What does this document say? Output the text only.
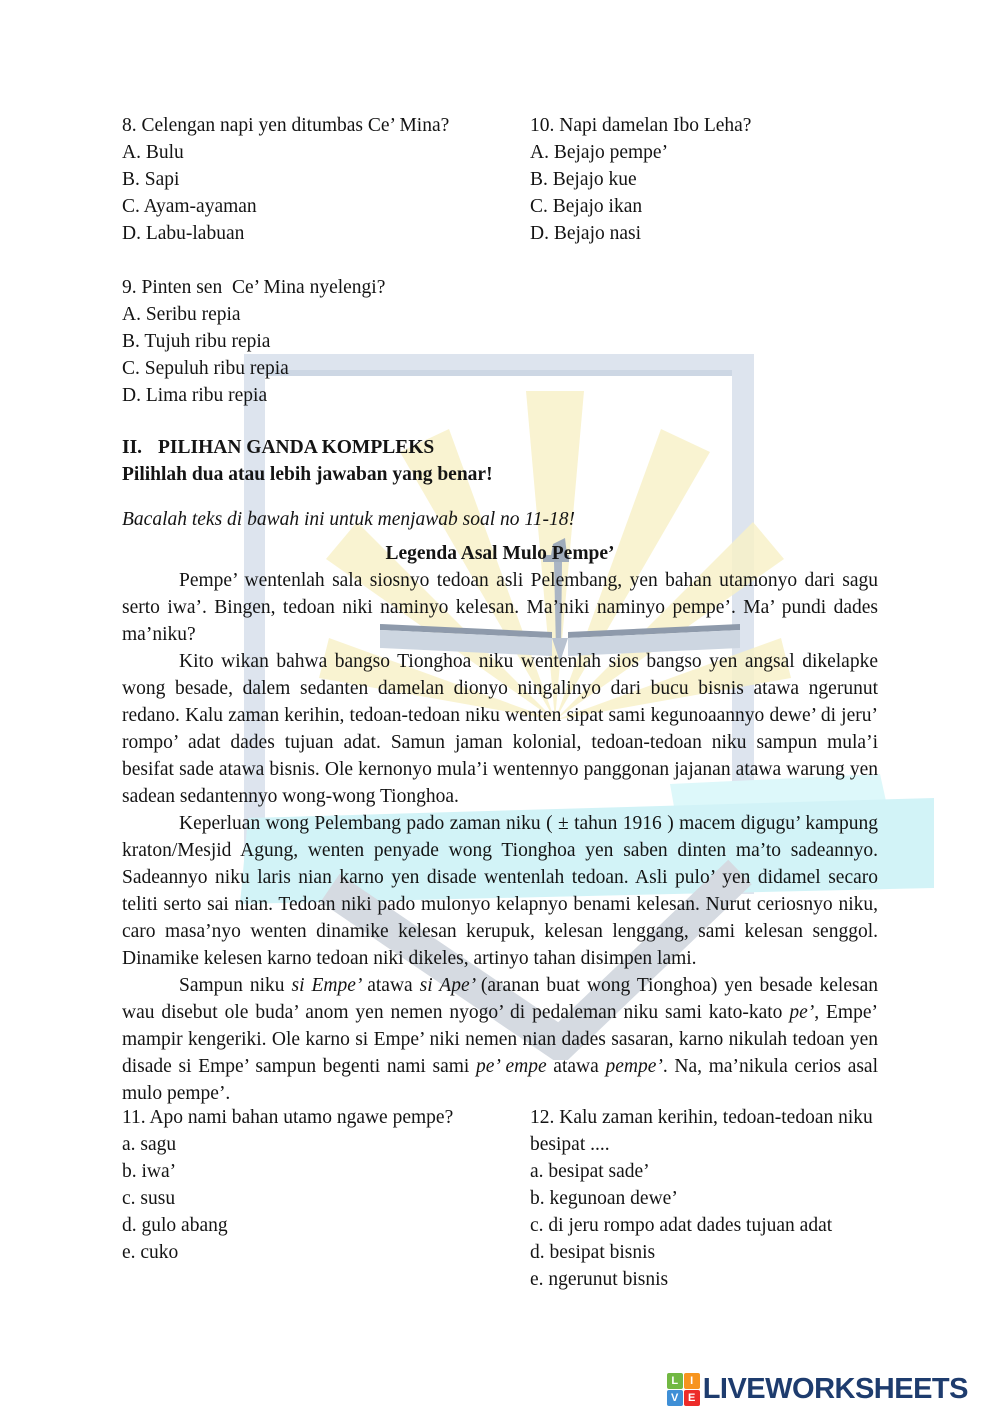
8. Celengan napi yen ditumbas Ce’ Mina?
A. Bulu
B. Sapi
C. Ayam-ayaman
D. Labu-labuan
10. Napi damelan Ibo Leha?
A. Bejajo pempe’
B. Bejajo kue
C. Bejajo ikan
D. Bejajo nasi
9. Pinten sen  Ce’ Mina nyelengi?
A. Seribu repia
B. Tujuh ribu repia
C. Sepuluh ribu repia
D. Lima ribu repia
II. PILIHAN GANDA KOMPLEKS
Pilihlah dua atau lebih jawaban yang benar!
Bacalah teks di bawah ini untuk menjawab soal no 11-18!
Legenda Asal Mulo Pempe’

Pempe’ wentenlah sala siosnyo tedoan asli Pelembang, yen bahan utamonyo dari sagu serto iwa’. Bingen, tedoan niki naminyo kelesan. Ma’niki naminyo pempe’. Ma’ pundi dades ma’niku?

Kito wikan bahwa bangso Tionghoa niku wentenlah sios bangso yen angsal dikelapke wong besade, dalem sedanten damelan dionyo ningalinyo dari bucu bisnis atawa ngerunut redano. Kalu zaman kerihin, tedoan-tedoan niku wenten sipat sami kegunoaannyo dewe’ di jeru’ rompo’ adat dades tujuan adat. Samun jaman kolonial, tedoan-tedoan niku sampun mula’i besifat sade atawa bisnis. Ole kernonyo mula’i wentennyo panggonan jajanan atawa warung yen sadean sedantennyo wong-wong Tionghoa.

Keperluan wong Pelembang pado zaman niku ( ± tahun 1916 ) macem digugu’ kampung kraton/Mesjid Agung, wenten penyade wong Tionghoa yen saben dinten ma’to sadeannyo. Sadeannyo niku laris nian karno yen disade wentenlah tedoan. Asli pulo’ yen didamel secaro teliti serto sai nian. Tedoan niki pado mulonyo kelapnyo benami kelesan. Nurut ceriosnyo niku, caro masa’nyo wenten dinamike kelesan kerupuk, kelesan lenggang, sami kelesan senggol. Dinamike kelesen karno tedoan niki dikeles, artinyo tahan disimpen lami.

Sampun niku si Empe’ atawa si Ape’ (aranan buat wong Tionghoa) yen besade kelesan wau disebut ole buda’ anom yen nemen nyogo’ di pedaleman niku sami kato-kato pe’, Empe’ mampir kengeriki. Ole karno si Empe’ niki nemen nian dades sasaran, karno nikulah tedoan yen disade si Empe’ sampun begenti nami sami pe’ empe atawa pempe’. Na, ma’nikula cerios asal mulo pempe’.

11. Apo nami bahan utamo ngawe pempe?
a. sagu
b. iwa’
c. susu
d. gulo abang
e. cuko
12. Kalu zaman kerihin, tedoan-tedoan niku besipat ....
a. besipat sade’
b. kegunoan dewe’
c. di jeru rompo adat dades tujuan adat
d. besipat bisnis
e. ngerunut bisnis
L	I
V E LIVEWORKSHEETS
